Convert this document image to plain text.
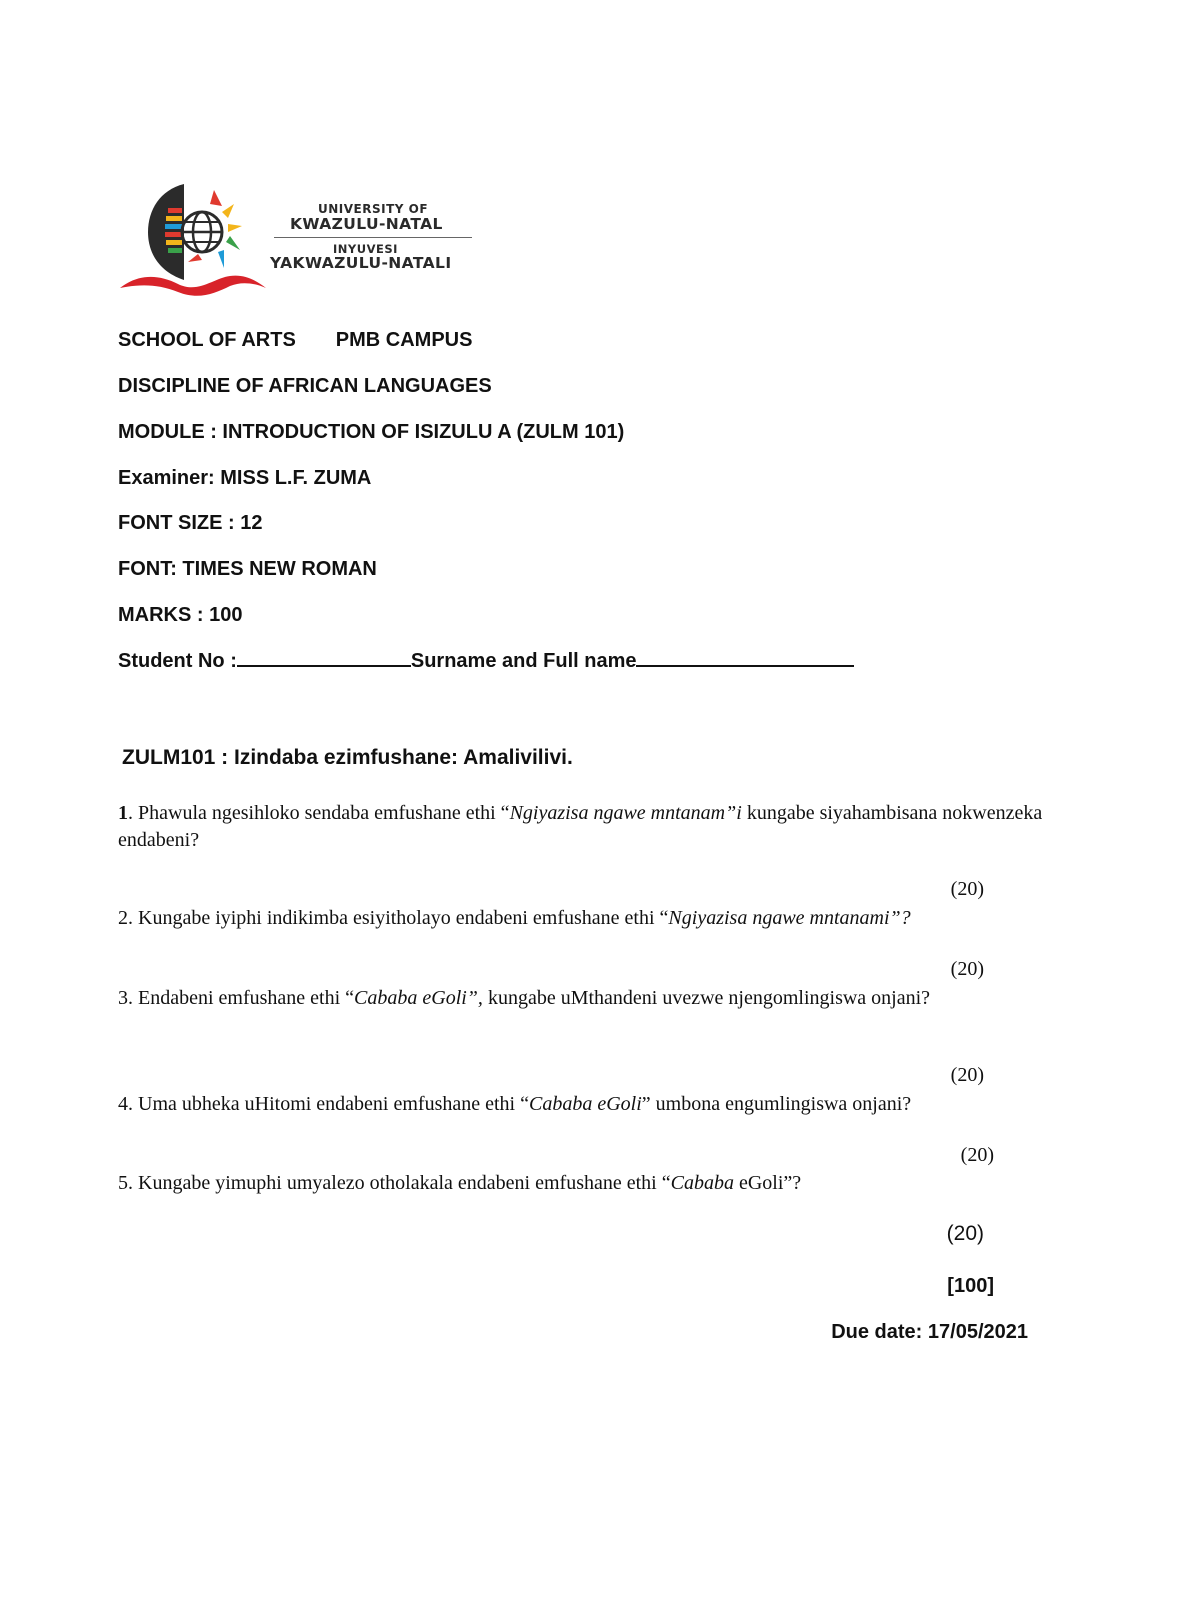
UNIVERSITY OF
KWAZULU-NATAL
INYUVESI
YAKWAZULU-NATALI
SCHOOL OF ARTS PMB CAMPUS
DISCIPLINE OF AFRICAN LANGUAGES
MODULE : INTRODUCTION OF ISIZULU A (ZULM 101)
Examiner: MISS L.F. ZUMA
FONT SIZE : 12
FONT: TIMES NEW ROMAN
MARKS : 100
Student No :	Surname and Full name
ZULM101 : Izindaba ezimfushane: Amalivilivi.
1. Phawula ngesihloko sendaba emfushane ethi “Ngiyazisa ngawe mntanam”i kungabe siyahambisana nokwenzeka endabeni?
(20)
2. Kungabe iyiphi indikimba esiyitholayo endabeni emfushane ethi “Ngiyazisa ngawe mntanami”?
(20)
3. Endabeni emfushane ethi “Cababa eGoli”, kungabe uMthandeni uvezwe njengomlingiswa onjani?
(20)
4. Uma ubheka uHitomi endabeni emfushane ethi “Cababa eGoli” umbona engumlingiswa onjani?
(20)
5. Kungabe yimuphi umyalezo otholakala endabeni emfushane ethi “Cababa eGoli”?
(20)
[100]
Due date: 17/05/2021
